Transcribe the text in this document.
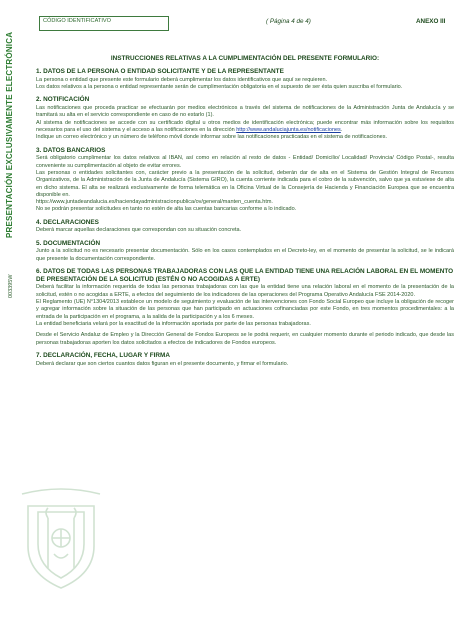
CÓDIGO IDENTIFICATIVO	( Página 4 de 4)	ANEXO III
PRESENTACIÓN EXCLUSIVAMENTE ELECTRÓNICA
003395W
INSTRUCCIONES RELATIVAS A LA CUMPLIMENTACIÓN DEL PRESENTE FORMULARIO:
1. DATOS DE LA PERSONA O ENTIDAD SOLICITANTE Y DE LA REPRESENTANTE

La persona o entidad que presente este formulario deberá cumplimentar los datos identificativos que aquí se requieren.

Los datos relativos a la persona o entidad representante serán de cumplimentación obligatoria en el supuesto de ser ésta quien suscriba el formulario.

2. NOTIFICACIÓN

Las notificaciones que proceda practicar se efectuarán por medios electrónicos a través del sistema de notificaciones de la Administración Junta de Andalucía y se tramitará su alta en el servicio correspondiente en caso de no estarlo (1).

Al sistema de notificaciones se accede con su certificado digital u otros medios de identificación electrónica; puede encontrar más información sobre los requisitos necesarios para el uso del sistema y el acceso a las notificaciones en la dirección http://www.andaluciajunta.es/notificaciones.

Indique un correo electrónico y un número de teléfono móvil donde informar sobre las notificaciones practicadas en el sistema de notificaciones.

3. DATOS BANCARIOS

Será obligatorio cumplimentar los datos relativos al IBAN, así como en relación al resto de datos - Entidad/ Domicilio/ Localidad/ Provincia/ Código Postal-, resulta conveniente su cumplimentación al objeto de evitar errores.

Las personas o entidades solicitantes con, carácter previo a la presentación de la solicitud, deberán dar de alta en el Sistema de Gestión Integral de Recursos Organizativos, de la Administración de la Junta de Andalucía (Sistema GIRO), la cuenta corriente indicada para el cobro de la subvención, salvo que ya estuviese de alta en dicho sistema. El alta se realizará exclusivamente de forma telemática en la Oficina Virtual de la Consejería de Hacienda y Financiación Europea que se encuentra disponible en.

https://www.juntadeandalucia.es/haciendayadministracionpublica/ov/general/manten_cuenta.htm.

No se podrán presentar solicitudes en tanto no estén de alta las cuentas bancarias conforme a lo indicado.

4. DECLARACIONES

Deberá marcar aquellas declaraciones que correspondan con su situación concreta.

5. DOCUMENTACIÓN

Junto a la solicitud no es necesario presentar documentación. Sólo en los casos contemplados en el Decreto-ley, en el momento de presentar la solicitud, se le indicará que presente la documentación correspondiente.

6. DATOS DE TODAS LAS PERSONAS TRABAJADORAS CON LAS QUE LA ENTIDAD TIENE UNA RELACIÓN LABORAL EN EL MOMENTO DE PRESENTACIÓN DE LA SOLICITUD (ESTÉN O NO ACOGIDAS A ERTE)

Deberá facilitar la información requerida de todas las personas trabajadoras con las que la entidad tiene una relación laboral en el momento de la presentación de la solicitud, estén o no acogidas a ERTE, a efectos del seguimiento de los indicadores de las operaciones del Programa Operativo Andalucía FSE 2014-2020.

El Reglamento (UE) N°1304/2013 establece un modelo de seguimiento y evaluación de las intervenciones con Fondo Social Europeo que incluye la obligación de recoger y agregar información sobre la situación de las personas que han participado en actuaciones cofinanciadas por este Fondo, en tres momentos procedimentales: a la entrada de la participación en el programa, a la salida de la participación y a los 6 meses.

La entidad beneficiaria velará por la exactitud de la información aportada por parte de las personas trabajadoras.

Desde el Servicio Andaluz de Empleo y la Dirección General de Fondos Europeos se le podrá requerir, en cualquier momento durante el periodo indicado, que desde las personas trabajadoras aporten los datos solicitados a efectos de indicadores de Fondos europeos.

7. DECLARACIÓN, FECHA, LUGAR Y FIRMA

Deberá declarar que son ciertos cuantos datos figuran en el presente documento, y firmar el formulario.
